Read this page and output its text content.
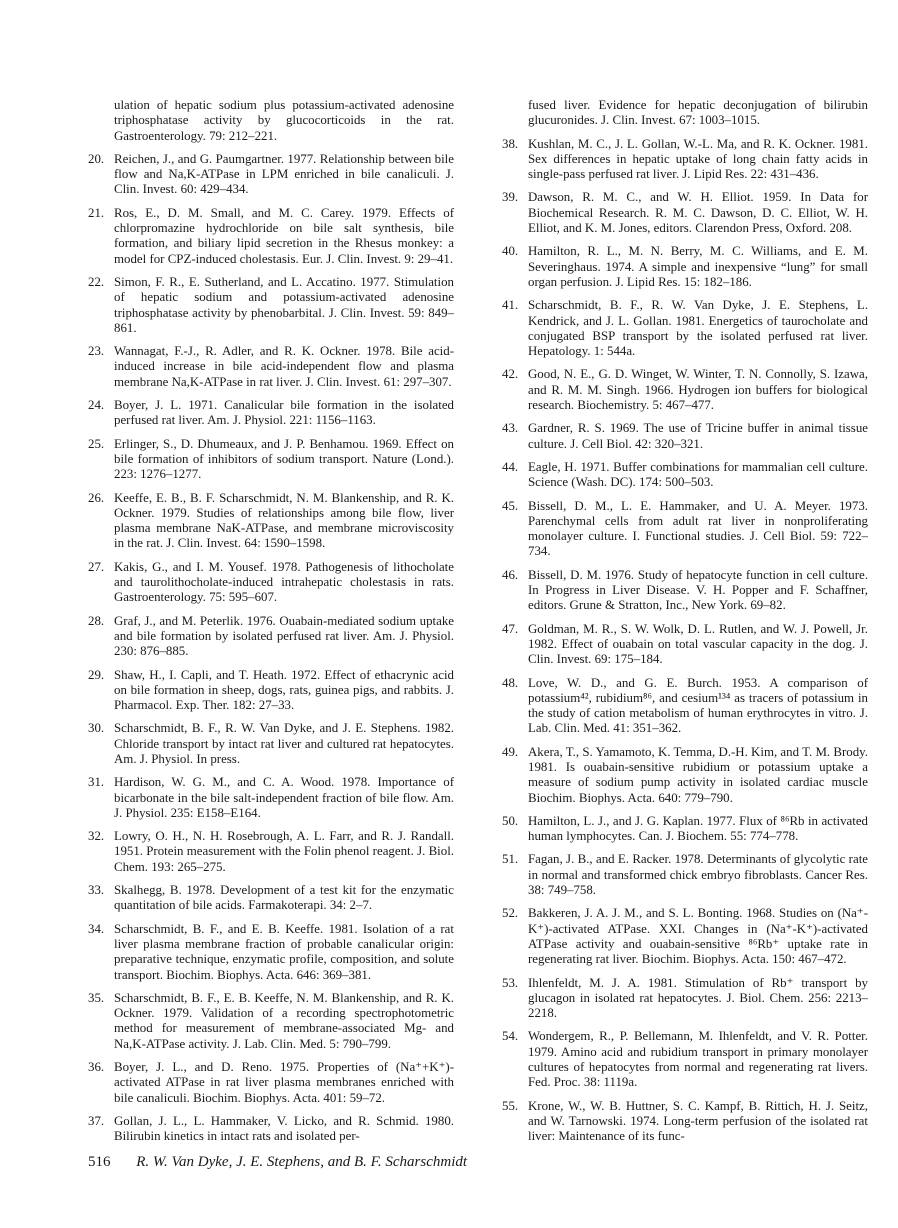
ulation of hepatic sodium plus potassium-activated adenosine triphosphatase activity by glucocorticoids in the rat. Gastroenterology. 79: 212–221.
20. Reichen, J., and G. Paumgartner. 1977. Relationship between bile flow and Na,K-ATPase in LPM enriched in bile canaliculi. J. Clin. Invest. 60: 429–434.
21. Ros, E., D. M. Small, and M. C. Carey. 1979. Effects of chlorpromazine hydrochloride on bile salt synthesis, bile formation, and biliary lipid secretion in the Rhesus monkey: a model for CPZ-induced cholestasis. Eur. J. Clin. Invest. 9: 29–41.
22. Simon, F. R., E. Sutherland, and L. Accatino. 1977. Stimulation of hepatic sodium and potassium-activated adenosine triphosphatase activity by phenobarbital. J. Clin. Invest. 59: 849–861.
23. Wannagat, F.-J., R. Adler, and R. K. Ockner. 1978. Bile acid-induced increase in bile acid-independent flow and plasma membrane Na,K-ATPase in rat liver. J. Clin. Invest. 61: 297–307.
24. Boyer, J. L. 1971. Canalicular bile formation in the isolated perfused rat liver. Am. J. Physiol. 221: 1156–1163.
25. Erlinger, S., D. Dhumeaux, and J. P. Benhamou. 1969. Effect on bile formation of inhibitors of sodium transport. Nature (Lond.). 223: 1276–1277.
26. Keeffe, E. B., B. F. Scharschmidt, N. M. Blankenship, and R. K. Ockner. 1979. Studies of relationships among bile flow, liver plasma membrane NaK-ATPase, and membrane microviscosity in the rat. J. Clin. Invest. 64: 1590–1598.
27. Kakis, G., and I. M. Yousef. 1978. Pathogenesis of lithocholate and taurolithocholate-induced intrahepatic cholestasis in rats. Gastroenterology. 75: 595–607.
28. Graf, J., and M. Peterlik. 1976. Ouabain-mediated sodium uptake and bile formation by isolated perfused rat liver. Am. J. Physiol. 230: 876–885.
29. Shaw, H., I. Capli, and T. Heath. 1972. Effect of ethacrynic acid on bile formation in sheep, dogs, rats, guinea pigs, and rabbits. J. Pharmacol. Exp. Ther. 182: 27–33.
30. Scharschmidt, B. F., R. W. Van Dyke, and J. E. Stephens. 1982. Chloride transport by intact rat liver and cultured rat hepatocytes. Am. J. Physiol. In press.
31. Hardison, W. G. M., and C. A. Wood. 1978. Importance of bicarbonate in the bile salt-independent fraction of bile flow. Am. J. Physiol. 235: E158–E164.
32. Lowry, O. H., N. H. Rosebrough, A. L. Farr, and R. J. Randall. 1951. Protein measurement with the Folin phenol reagent. J. Biol. Chem. 193: 265–275.
33. Skalhegg, B. 1978. Development of a test kit for the enzymatic quantitation of bile acids. Farmakoterapi. 34: 2–7.
34. Scharschmidt, B. F., and E. B. Keeffe. 1981. Isolation of a rat liver plasma membrane fraction of probable canalicular origin: preparative technique, enzymatic profile, composition, and solute transport. Biochim. Biophys. Acta. 646: 369–381.
35. Scharschmidt, B. F., E. B. Keeffe, N. M. Blankenship, and R. K. Ockner. 1979. Validation of a recording spectrophotometric method for measurement of membrane-associated Mg- and Na,K-ATPase activity. J. Lab. Clin. Med. 5: 790–799.
36. Boyer, J. L., and D. Reno. 1975. Properties of (Na⁺+K⁺)-activated ATPase in rat liver plasma membranes enriched with bile canaliculi. Biochim. Biophys. Acta. 401: 59–72.
37. Gollan, J. L., L. Hammaker, V. Licko, and R. Schmid. 1980. Bilirubin kinetics in intact rats and isolated per-
fused liver. Evidence for hepatic deconjugation of bilirubin glucuronides. J. Clin. Invest. 67: 1003–1015.
38. Kushlan, M. C., J. L. Gollan, W.-L. Ma, and R. K. Ockner. 1981. Sex differences in hepatic uptake of long chain fatty acids in single-pass perfused rat liver. J. Lipid Res. 22: 431–436.
39. Dawson, R. M. C., and W. H. Elliot. 1959. In Data for Biochemical Research. R. M. C. Dawson, D. C. Elliot, W. H. Elliot, and K. M. Jones, editors. Clarendon Press, Oxford. 208.
40. Hamilton, R. L., M. N. Berry, M. C. Williams, and E. M. Severinghaus. 1974. A simple and inexpensive “lung” for small organ perfusion. J. Lipid Res. 15: 182–186.
41. Scharschmidt, B. F., R. W. Van Dyke, J. E. Stephens, L. Kendrick, and J. L. Gollan. 1981. Energetics of taurocholate and conjugated BSP transport by the isolated perfused rat liver. Hepatology. 1: 544a.
42. Good, N. E., G. D. Winget, W. Winter, T. N. Connolly, S. Izawa, and R. M. M. Singh. 1966. Hydrogen ion buffers for biological research. Biochemistry. 5: 467–477.
43. Gardner, R. S. 1969. The use of Tricine buffer in animal tissue culture. J. Cell Biol. 42: 320–321.
44. Eagle, H. 1971. Buffer combinations for mammalian cell culture. Science (Wash. DC). 174: 500–503.
45. Bissell, D. M., L. E. Hammaker, and U. A. Meyer. 1973. Parenchymal cells from adult rat liver in nonproliferating monolayer culture. I. Functional studies. J. Cell Biol. 59: 722–734.
46. Bissell, D. M. 1976. Study of hepatocyte function in cell culture. In Progress in Liver Disease. V. H. Popper and F. Schaffner, editors. Grune & Stratton, Inc., New York. 69–82.
47. Goldman, M. R., S. W. Wolk, D. L. Rutlen, and W. J. Powell, Jr. 1982. Effect of ouabain on total vascular capacity in the dog. J. Clin. Invest. 69: 175–184.
48. Love, W. D., and G. E. Burch. 1953. A comparison of potassium⁴², rubidium⁸⁶, and cesium¹³⁴ as tracers of potassium in the study of cation metabolism of human erythrocytes in vitro. J. Lab. Clin. Med. 41: 351–362.
49. Akera, T., S. Yamamoto, K. Temma, D.-H. Kim, and T. M. Brody. 1981. Is ouabain-sensitive rubidium or potassium uptake a measure of sodium pump activity in isolated cardiac muscle Biochim. Biophys. Acta. 640: 779–790.
50. Hamilton, L. J., and J. G. Kaplan. 1977. Flux of ⁸⁶Rb in activated human lymphocytes. Can. J. Biochem. 55: 774–778.
51. Fagan, J. B., and E. Racker. 1978. Determinants of glycolytic rate in normal and transformed chick embryo fibroblasts. Cancer Res. 38: 749–758.
52. Bakkeren, J. A. J. M., and S. L. Bonting. 1968. Studies on (Na⁺-K⁺)-activated ATPase. XXI. Changes in (Na⁺-K⁺)-activated ATPase activity and ouabain-sensitive ⁸⁶Rb⁺ uptake rate in regenerating rat liver. Biochim. Biophys. Acta. 150: 467–472.
53. Ihlenfeldt, M. J. A. 1981. Stimulation of Rb⁺ transport by glucagon in isolated rat hepatocytes. J. Biol. Chem. 256: 2213–2218.
54. Wondergem, R., P. Bellemann, M. Ihlenfeldt, and V. R. Potter. 1979. Amino acid and rubidium transport in primary monolayer cultures of hepatocytes from normal and regenerating rat livers. Fed. Proc. 38: 1119a.
55. Krone, W., W. B. Huttner, S. C. Kampf, B. Rittich, H. J. Seitz, and W. Tarnowski. 1974. Long-term perfusion of the isolated rat liver: Maintenance of its func-
516 R. W. Van Dyke, J. E. Stephens, and B. F. Scharschmidt
